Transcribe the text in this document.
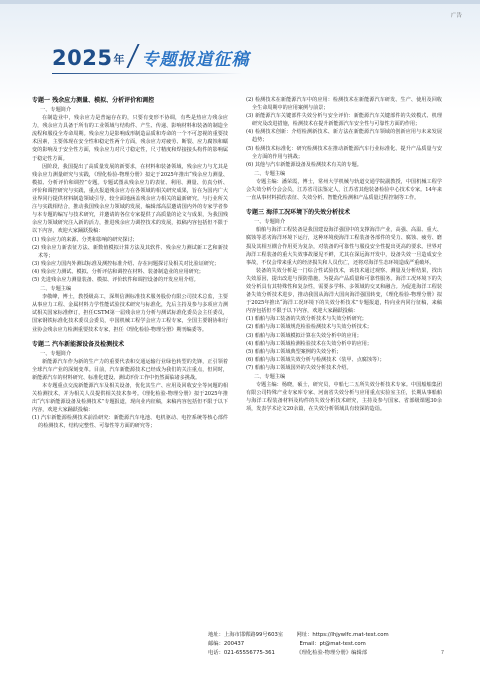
广告
2025 年 专题报道征稿
专题一 残余应力测量、模拟、分析评价和调控
一、专题简介

在制造业中，残余应力是普遍存在的，只要有变形不协调，有些是热应力残余应力，残余应力具备于所有的工业领域与结构件、产生、传递、影响材料和装备的制造全流程和服役全寿命周期。残余应力是影响成形制造品质和寿命的一个不可忽视的重要技术因素，主要体现在安全性和稳定性两个方面，残余应力对疲劳、断裂、应力腐蚀和蠕变的影响及于安全性方面，残余应力对尺寸稳定性，尺寸精度和焊接接头构件的影响属于稳定性方面。

因阶段，我国提出了高质量发展的新要求，在材料和装备领域，残余应力与尤其是残余应力测量研究与实践，《理化检验-物理分册》拟定于2025年推出“残余应力测量、模拟、分析评价和调控”专题。专题试图从残余应力的表征、利用、测量、仿真分析、评价和调控研究与实践，重点报道残余应力在各领域的相关研究成果，旨在为国内广大业界同行提供材料制造领域引导，较全面地涵盖残余应力相关的最新研究。与行业所关注与实践相结合，推动我国残余应力领域的发展，编辑部高层邀请国内外的专家学者参与本专题的编写与技术研究，并邀请的各位专家提供了高质量的论文与成果，为我国残余应力领域研究注入新的活力，推进残余应力调控技术的发展，拟稿内容包括但不限于以下内容，欢迎大家踊跃投稿：

(1) 残余应力的来源、分类和影响的研究探讨；

(2) 残余应力新表征方法、新数值模拟计算方法及其软件、残余应力测试新工艺和新技术等；

(3) 残余应力国内外测试标准及测控标准介绍、存在问题探讨及相关对比验证研究；

(4) 残余应力测试、模拟、分析评估和调控在材料、装备制造业的应用研究；

(5) 先进残余应力测量装备、模拟、评价软件和调控设备的开发应用介绍。

二、专题主编

李敬峰，博士，教授级高工，深圳信测标准技术服务股份有限公司技术总监，主要从事应力工程、金属材料力学性能试验技术研究与标准化，先后主持及参与多项应力测试相关国家标准修订，担任CSTM第一届残余应力分析与测试标准化委员会主任委员，国家钢铁标准化技术委员会委员，中国机械工程学会应力工程专家，全国主要钢协和行业协会残余应力检测重要技术专家，担任《理化检验-物理分册》期刊编委等。

专题二 汽车新能源设备及检测技术
一、专题简介

新能源汽车作为新的生产力的重要代表和交通运输行业绿色转型的先锋，正引领着全球汽车产业的深刻变革。目前，汽车新能源技术已经成为我们的关注重点，但同时，新能源汽车的材料研究、标准化建设、测试评价工作中仍然面临诸多挑战。

本专题重点交流新能源汽车及相关设备，优化其生产、应用及回收安全等问题的相关检测技术，并为相关人员提供相关技术参考。《理化检验-物理分册》拟于2025年推出“汽车新能源设备及检测技术”专题报道，现向业内征稿，来稿内容包括但不限于以下内容，欢迎大家踊跃投稿：

(1) 汽车新能源检测技术前沿研究：新能源汽车电池、电机驱动、电控系统等核心部件的检测技术，结构完整性、可靠性等方面的研究等；

(2) 检测技术在新能源汽车中的应用：检测技术在新能源汽车研发、生产、使用及回收全生命周期中的应用案例与前景；

(3) 新能源汽车关键部件失效分析与安全评价：新能源汽车关键部件的失效模式、机理研究及改进措施，检测技术在提升新能源汽车安全性与可靠性方面的作用；

(4) 检测技术创新：介绍检测新技术、新方法在新能源汽车领域的创新应用与未来发展趋势；

(5) 检测技术标准化：研究检测技术在推动新能源汽车行业标准化、提升产品质量与安全方面的作用与挑战；

(6) 其他与汽车新能源设备及检测技术有关的专题。

二、专题主编

专题主编：潘荣霞，博士，常州大学机械与轨道交通学院副教授，中国机械工程学会失效分析分会会员，江苏省司法鉴定人，江苏省其他装备检验中心技术专家。14年来一直从事材料损伤表征、失效分析、智能化检测和产品质量过程控制等工作。

专题三 海洋工况环境下的失效分析技术
一、专题简介

船舶与海洋工程装备是我国建设海洋强国中的支撑海洋产业，高强、高温、重大、腐蚀等恶劣海洋环境下运行，这种环境使海洋工程装备各部件的受力、腐蚀、疲劳、磨损及其相互耦合作用更为复杂，对装备的可靠性与服役安全性提出更高的要求。世界对海洋工程装备的重大失效事故屡见不鲜，尤其在深远海开发中，设备失效一旦造成安全事故，不仅会带来重大的经济损失和人员伤亡，还将对海洋生态环境造成严重破坏。

装备的失效分析是一门综合性试验技术，该技术通过观察、测量及分析结果，找出失效原因，提出改进与预防措施，为提高产品质量和可靠性服务。海洋工况环境下的失效分析具有其特殊性和复杂性，需要多学科、多领域的交叉和融合。为促进海洋工程装备失效分析技术进步，推动我国从海洋大国向海洋强国转变，《理化检验-物理分册》拟于2025年推出“海洋工况环境下的失效分析技术”专题报道，特向业内同行征稿，来稿内容包括但不限于以下内容，欢迎大家踊跃投稿：

(1) 船舶与海工装备的失效分析技术与失效分析研究；

(2) 船舶与海工领域规范检验检测技术与失效分析技术；

(3) 船舶与海工领域模拟计算在失效分析中的应用；

(4) 船舶与海工领域检测检验技术在失效分析中的应用；

(5) 船舶与海工领域典型案例的失效分析；

(6) 船舶与海工领域失效分析与检测技术（装甲、点腐蚀等）；

(7) 船舶与海工领域国外的失效分析技术介绍。

二、专题主编

专题主编：杨晓，硕士，研究员，中船七二五所失效分析技术专家。中国船舶集团有限公司特殊产业专家库专家、河南省失效分析与应用重点实验室主任，长期从事船舶与海洋工程装备材料及构件的失效分析技术研究，主持及参与国家、省部级课题30余项，发表学术论文20余篇，在失效分析领域具有较深的造诣。

地址：上海市邯郸路99号603室	网址：https://lhjywlfc.mat-test.com
邮编：200437	Email：pt@mat-test.com
电话：021-65556775-361	《理化检验-物理分册》编辑部	7
